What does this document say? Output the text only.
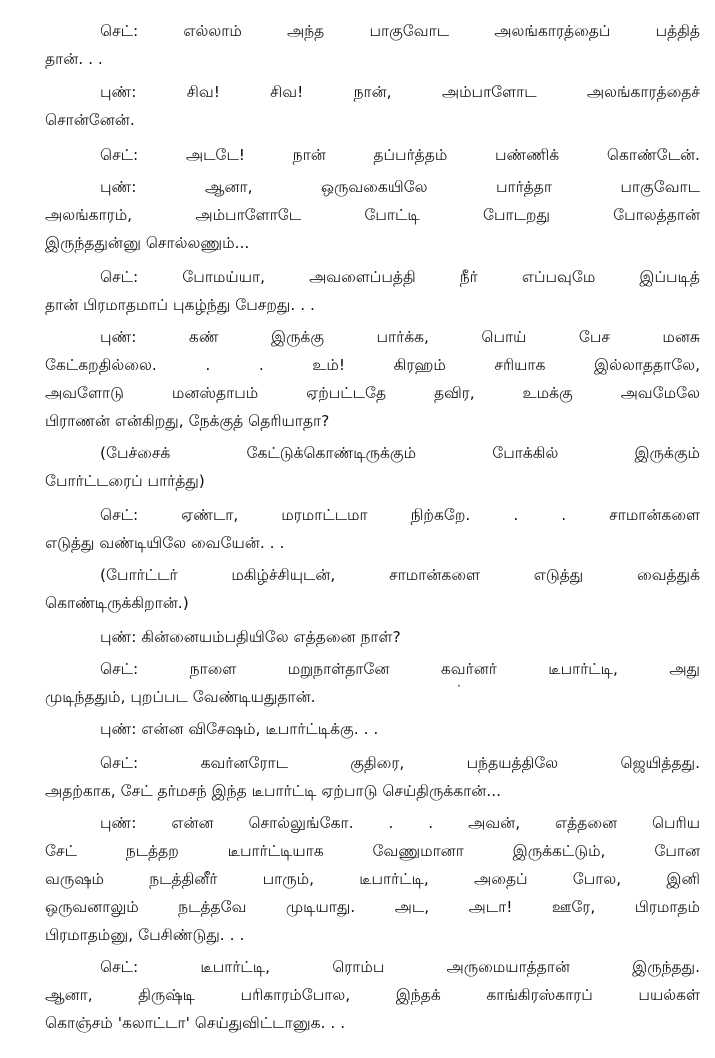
செட்: எல்லாம் அந்த பாகுவோட அலங்காரத்தைப் பத்தித்
தான். . .
புண்: சிவ! சிவ! நான், அம்பாளோட அலங்காரத்தைச்
சொன்னேன்.
செட்: அடடே! நான் தப்பர்த்தம் பண்ணிக் கொண்டேன்.
புண்: ஆனா, ஒருவகையிலே பார்த்தா பாகுவோட
அலங்காரம், அம்பாளோடே போட்டி போடறது போலத்தான்
இருந்ததுன்னு சொல்லணும்...
செட்: போமய்யா, அவளைப்பத்தி நீர் எப்பவுமே இப்படித்
தான் பிரமாதமாப் புகழ்ந்து பேசறது. . .
புண்: கண் இருக்கு பார்க்க, பொய் பேச மனசு
கேட்கறதில்லை. . . உம்! கிரஹம் சரியாக இல்லாததாலே,
அவளோடு மனஸ்தாபம் ஏற்பட்டதே தவிர, உமக்கு அவமேலே
பிராணன் என்கிறது, நேக்குத் தெரியாதா?
(பேச்சைக் கேட்டுக்கொண்டிருக்கும் போக்கில் இருக்கும்
போர்ட்டரைப் பார்த்து)
செட்: ஏண்டா, மரமாட்டமா நிற்கறே. . . சாமான்களை
எடுத்து வண்டியிலே வையேன். . .
(போர்ட்டர் மகிழ்ச்சியுடன், சாமான்களை எடுத்து வைத்துக்
கொண்டிருக்கிறான்.)
புண்: கின்னையம்பதியிலே எத்தனை நாள்?
செட்: நாளை மறுநாள்தானே கவர்னர் டீபார்ட்டி, அது
முடிந்ததும், புறப்பட வேண்டியதுதான்.
·
புண்: என்ன விசேஷம், டீபார்ட்டிக்கு. . .
செட்: கவர்னரோட குதிரை, பந்தயத்திலே ஜெயித்தது.
அதற்காக, சேட் தர்மசந் இந்த டீபார்ட்டி ஏற்பாடு செய்திருக்கான்...
புண்: என்ன சொல்லுங்கோ. . . அவன், எத்தனை பெரிய
சேட் நடத்தற டீபார்ட்டியாக வேணுமானா இருக்கட்டும், போன
வருஷம் நடத்தினீர் பாரும், டீபார்ட்டி, அதைப் போல, இனி
ஒருவனாலும் நடத்தவே முடியாது. அட, அடா! ஊரே, பிரமாதம்
பிரமாதம்னு, பேசிண்டுது. . .
செட்: டீபார்ட்டி, ரொம்ப அருமையாத்தான் இருந்தது.
ஆனா, திருஷ்டி பரிகாரம்போல, இந்தக் காங்கிரஸ்காரப் பயல்கள்
கொஞ்சம் 'கலாட்டா' செய்துவிட்டானுக. . .
